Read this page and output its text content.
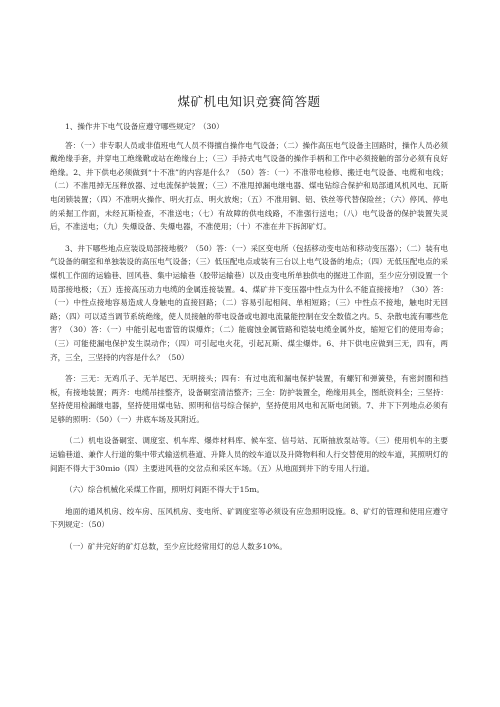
煤矿机电知识竞赛简答题

1、操作井下电气设备应遵守哪些规定？（30）

答：（一）非专职人员或非值班电气人员不得擅自操作电气设备；（二）操作高压电气设备主回路时，操作人员必须戴绝缘手套，并穿电工绝缘靴或站在绝缘台上；（三）手持式电气设备的操作手柄和工作中必须接触的部分必须有良好绝缘。2、井下供电必须做到“十不准”的内容是什么？（50）答：（一）不准带电检修、搬迁电气设备、电缆和电线；（二）不准甩掉无压释放器、过电流保护装置；（三）不准甩掉漏电继电器、煤电钻综合保护和局部通风机风电、瓦斯电闭锁装置；（四）不准明火操作、明火打点、明火放炮；（五）不准用铜、铝、铁丝等代替保险丝；（六）停风、停电的采掘工作面，未经瓦斯检查，不准送电；（七）有故障的供电线路，不准强行送电；（八）电气设备的保护装置失灵后，不准送电；（九）失爆设备、失爆电器，不准使用；（十）不准在井下拆卸矿灯。

3、井下哪些地点应装设局部接地极？（50）答：（一）采区变电所（包括移动变电站和移动变压器）；（二）装有电气设备的硐室和单独装设的高压电气设备；（三）低压配电点或装有三台以上电气设备的地点；（四）无低压配电点的采煤机工作面的运输巷、回风巷、集中运输巷（胶带运输巷）以及由变电所单独供电的掘进工作面，至少应分别设置一个局部接地极；（五）连接高压动力电缆的金属连接装置。4、煤矿井下变压器中性点为什么不能直接接地？（30）答：（一）中性点接地容易造成人身触电的直接回路；（二）容易引起相间、单相短路；（三）中性点不接地，触电时无回路；（四）可以适当调节系统绝缘，使人员接触的带电设备或电源电流量能控制在安全数值之内。5、杂散电流有哪些危害？（30）答：（一）中能引起电雷管的误爆炸；（二）能腐蚀金属管路和铠装电缆金属外皮，缩短它们的使用寿命；（三）可能使漏电保护发生误动作；（四）可引起电火花，引起瓦斯、煤尘爆炸。6、井下供电应做到三无，四有，两齐，三全，三坚持的内容是什么？（50）

答：三无：无鸡爪子、无羊尾巴、无明接头；四有：有过电流和漏电保护装置，有螺钉和弹簧垫，有密封圈和挡板，有接地装置；两齐：电缆吊挂整齐，设备硐室清洁整齐；三全：防护装置全，绝缘用具全，图纸资料全；三坚持：坚持使用检漏继电器，坚持使用煤电钻、照明和信号综合保护，坚持使用风电和瓦斯电闭锁。7、井下下列地点必须有足够的照明：（50）（一）井底车场及其附近。

（二）机电设备硐室、调度室、机车库、爆炸材料库、候车室、信号站、瓦斯抽放泵站等。（三）使用机车的主要运输巷道、兼作人行道的集中带式输送机巷道、升降人员的绞车道以及升降物料和人行交替使用的绞车道，其照明灯的间距不得大于30ｍio（四）主要进风巷的交岔点和采区车场。（五）从地面到井下的专用人行道。

（六）综合机械化采煤工作面，照明灯间距不得大于15m。

地面的通风机房、绞车房、压风机房、变电所、矿调度室等必须设有应急照明设施。8、矿灯的管理和使用应遵守下列规定：（50）

（一）矿井完好的矿灯总数，至少应比经常用灯的总人数多10%。
